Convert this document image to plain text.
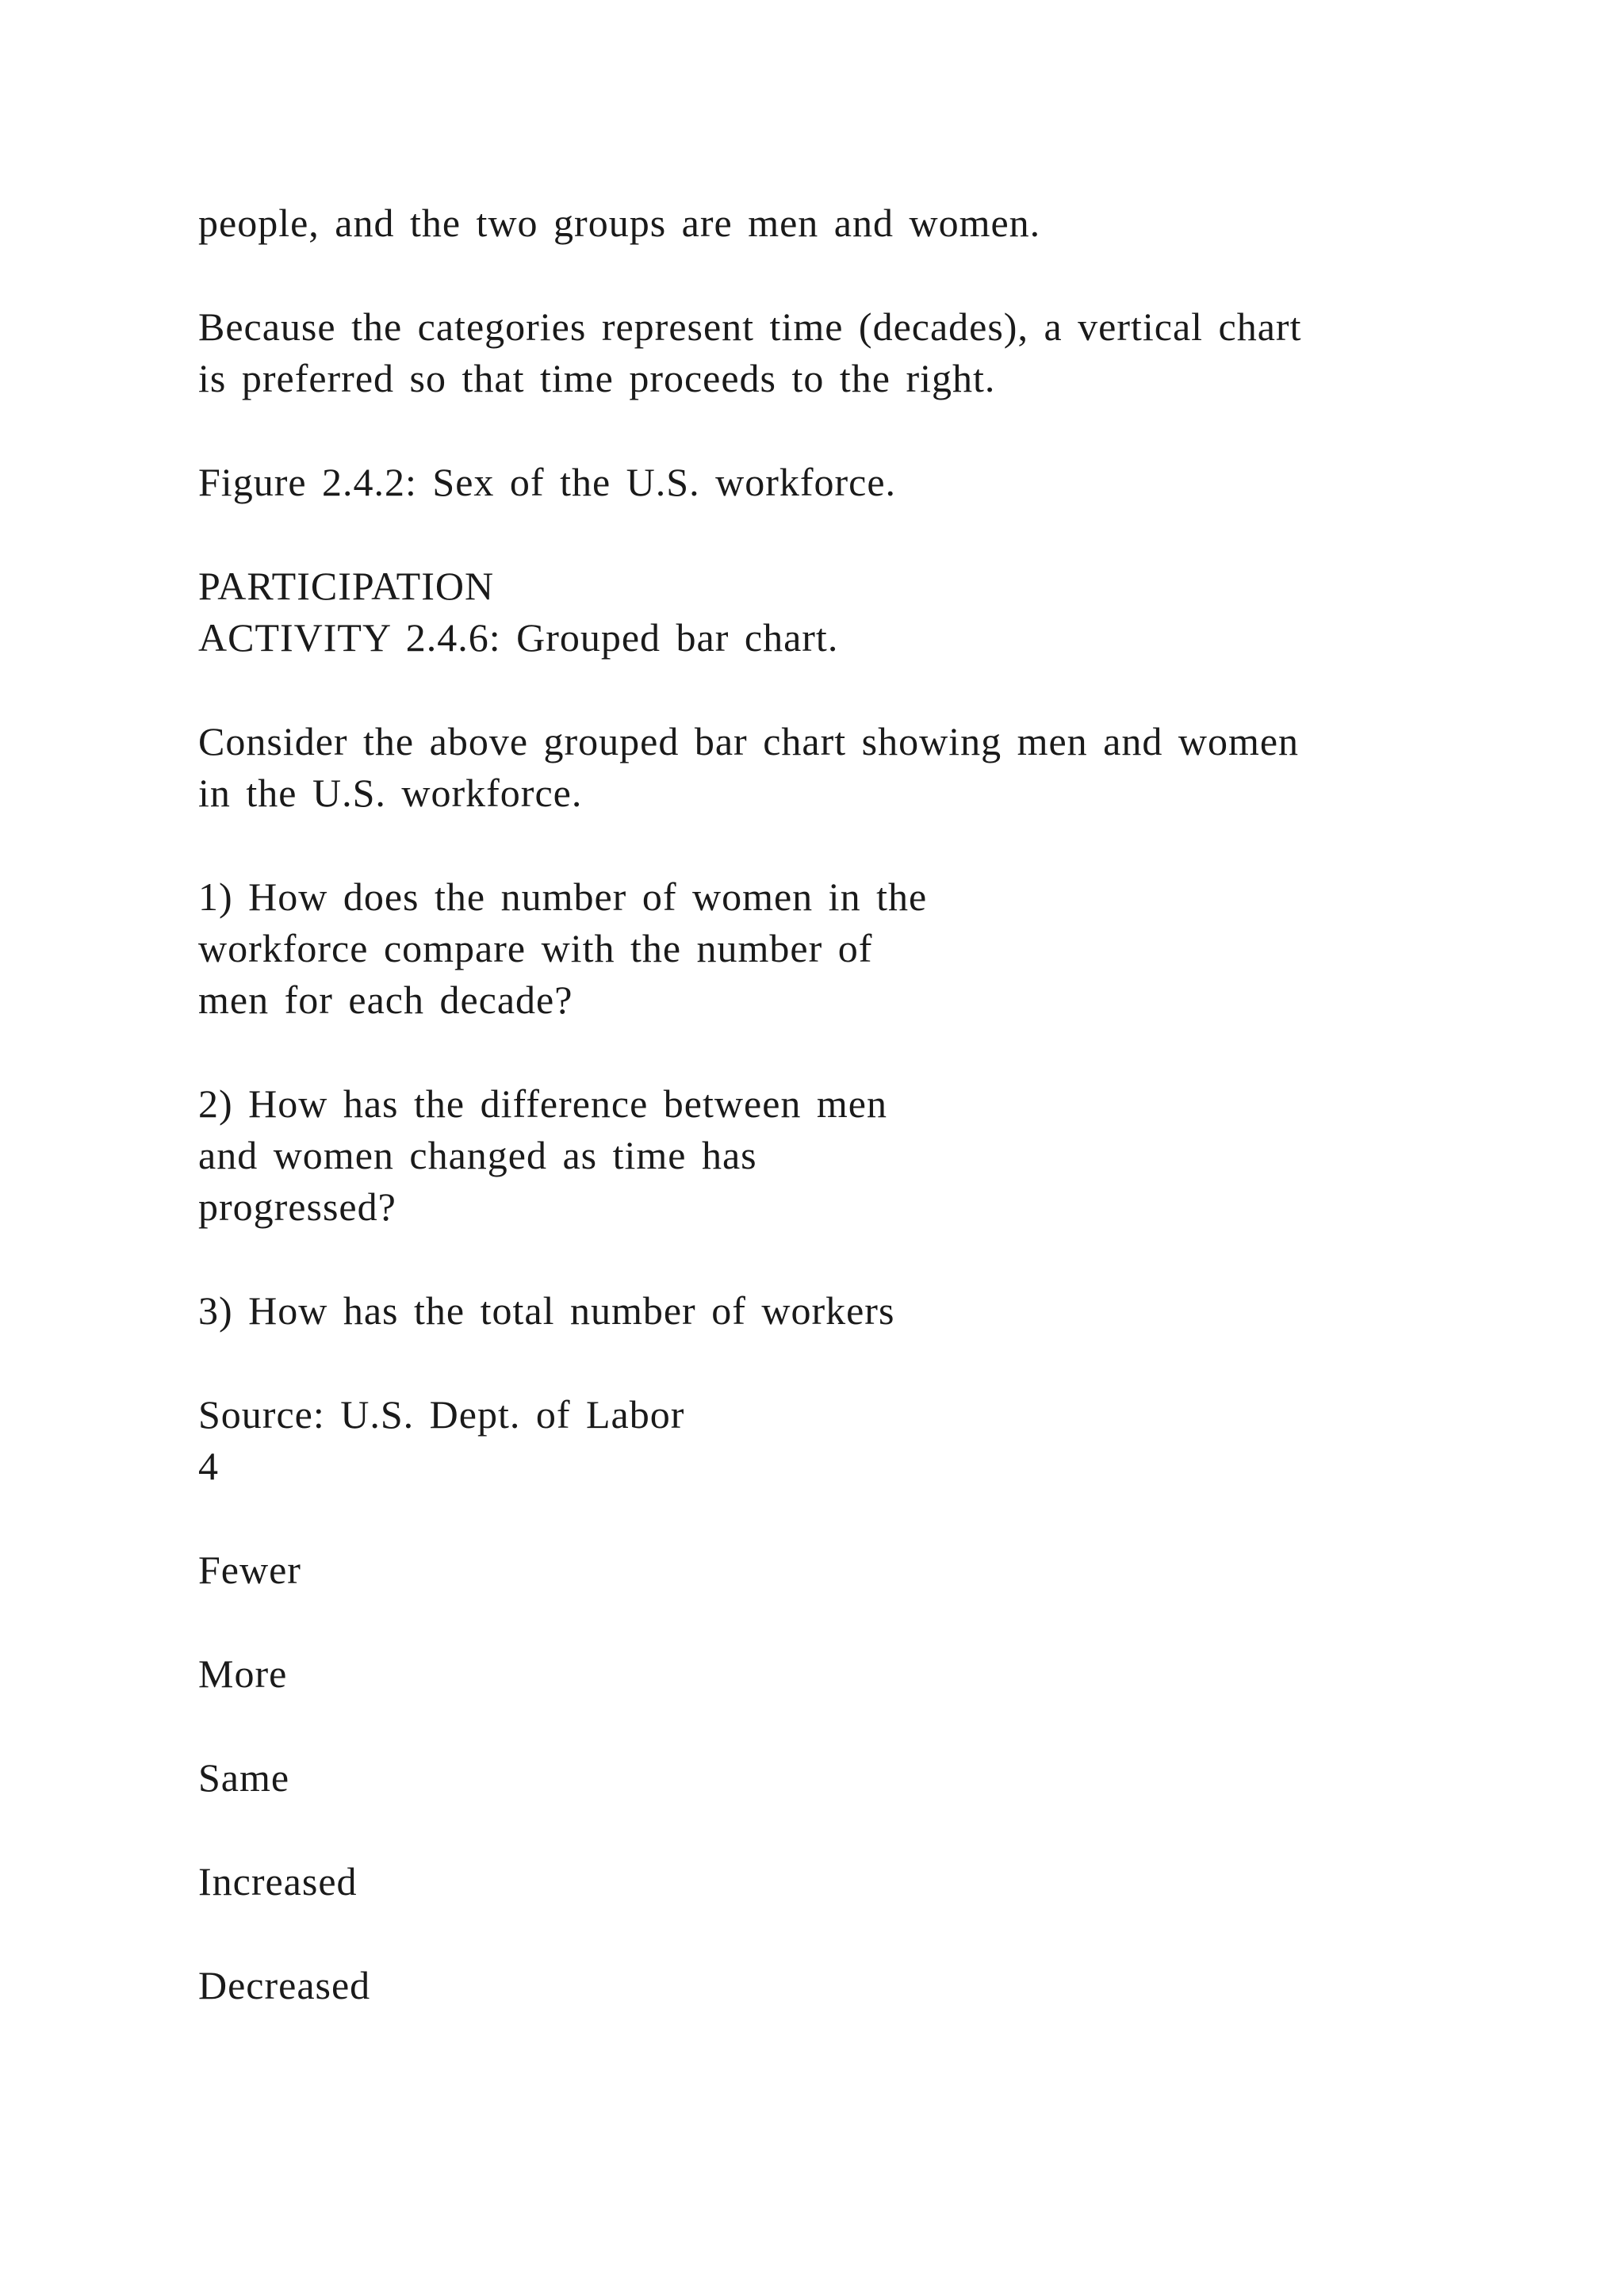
people, and the two groups are men and women.
Because the categories represent time (decades), a vertical chart
is preferred so that time proceeds to the right.
Figure 2.4.2: Sex of the U.S. workforce.
PARTICIPATION
ACTIVITY 2.4.6: Grouped bar chart.
Consider the above grouped bar chart showing men and women
in the U.S. workforce.
1) How does the number of women in the
workforce compare with the number of
men for each decade?
2) How has the difference between men
and women changed as time has
progressed?
3) How has the total number of workers
Source: U.S. Dept. of Labor
4
Fewer
More
Same
Increased
Decreased
